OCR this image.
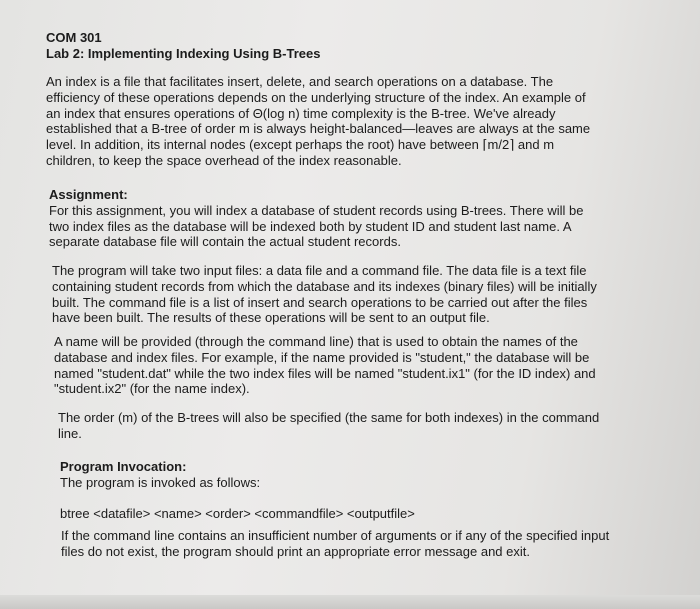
COM 301
Lab 2: Implementing Indexing Using B-Trees
An index is a file that facilitates insert, delete, and search operations on a database. The
efficiency of these operations depends on the underlying structure of the index. An example of
an index that ensures operations of Θ(log n) time complexity is the B-tree. We've already
established that a B-tree of order m is always height-balanced—leaves are always at the same
level. In addition, its internal nodes (except perhaps the root) have between ⌈m/2⌉ and m
children, to keep the space overhead of the index reasonable.
Assignment:
For this assignment, you will index a database of student records using B-trees. There will be
two index files as the database will be indexed both by student ID and student last name. A
separate database file will contain the actual student records.
The program will take two input files: a data file and a command file. The data file is a text file
containing student records from which the database and its indexes (binary files) will be initially
built. The command file is a list of insert and search operations to be carried out after the files
have been built. The results of these operations will be sent to an output file.
A name will be provided (through the command line) that is used to obtain the names of the
database and index files. For example, if the name provided is "student," the database will be
named "student.dat" while the two index files will be named "student.ix1" (for the ID index) and
"student.ix2" (for the name index).
The order (m) of the B-trees will also be specified (the same for both indexes) in the command
line.
Program Invocation:
The program is invoked as follows:
btree <datafile> <name> <order> <commandfile> <outputfile>
If the command line contains an insufficient number of arguments or if any of the specified input
files do not exist, the program should print an appropriate error message and exit.
